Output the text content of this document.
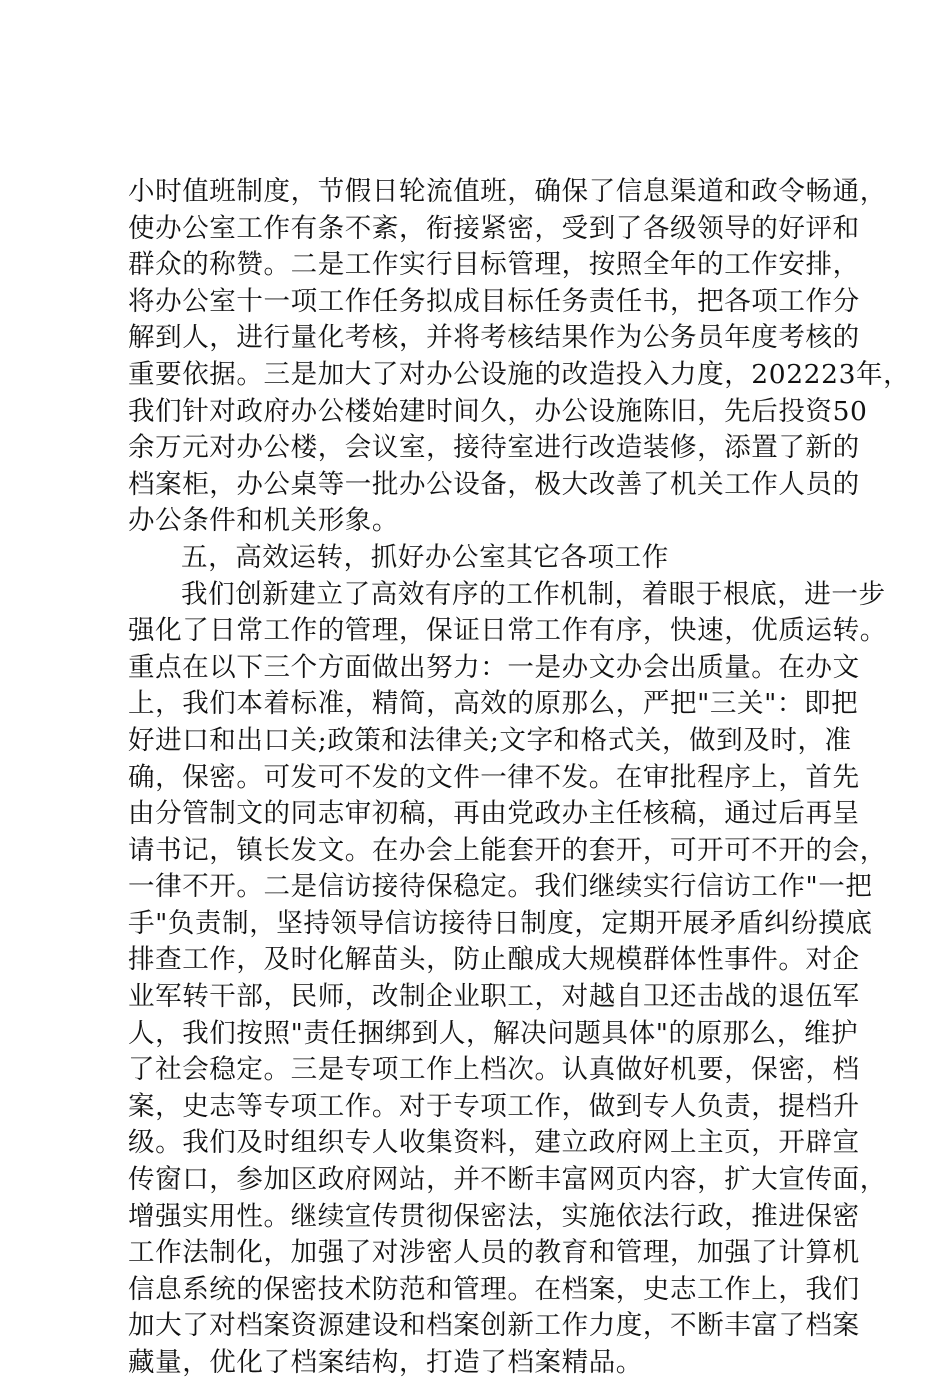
小时值班制度，节假日轮流值班，确保了信息渠道和政令畅通，
使办公室工作有条不紊，衔接紧密，受到了各级领导的好评和
群众的称赞。二是工作实行目标管理，按照全年的工作安排，
将办公室十一项工作任务拟成目标任务责任书，把各项工作分
解到人，进行量化考核，并将考核结果作为公务员年度考核的
重要依据。三是加大了对办公设施的改造投入力度，202223年，
我们针对政府办公楼始建时间久，办公设施陈旧，先后投资50
余万元对办公楼，会议室，接待室进行改造装修，添置了新的
档案柜，办公桌等一批办公设备，极大改善了机关工作人员的
办公条件和机关形象。
五，高效运转，抓好办公室其它各项工作
我们创新建立了高效有序的工作机制，着眼于根底，进一步
强化了日常工作的管理，保证日常工作有序，快速，优质运转。
重点在以下三个方面做出努力：一是办文办会出质量。在办文
上，我们本着标准，精简，高效的原那么，严把"三关"：即把
好进口和出口关;政策和法律关;文字和格式关，做到及时，准
确，保密。可发可不发的文件一律不发。在审批程序上，首先
由分管制文的同志审初稿，再由党政办主任核稿，通过后再呈
请书记，镇长发文。在办会上能套开的套开，可开可不开的会，
一律不开。二是信访接待保稳定。我们继续实行信访工作"一把
手"负责制，坚持领导信访接待日制度，定期开展矛盾纠纷摸底
排查工作，及时化解苗头，防止酿成大规模群体性事件。对企
业军转干部，民师，改制企业职工，对越自卫还击战的退伍军
人，我们按照"责任捆绑到人，解决问题具体"的原那么，维护
了社会稳定。三是专项工作上档次。认真做好机要，保密，档
案，史志等专项工作。对于专项工作，做到专人负责，提档升
级。我们及时组织专人收集资料，建立政府网上主页，开辟宣
传窗口，参加区政府网站，并不断丰富网页内容，扩大宣传面，
增强实用性。继续宣传贯彻保密法，实施依法行政，推进保密
工作法制化，加强了对涉密人员的教育和管理，加强了计算机
信息系统的保密技术防范和管理。在档案，史志工作上，我们
加大了对档案资源建设和档案创新工作力度，不断丰富了档案
藏量，优化了档案结构，打造了档案精品。
